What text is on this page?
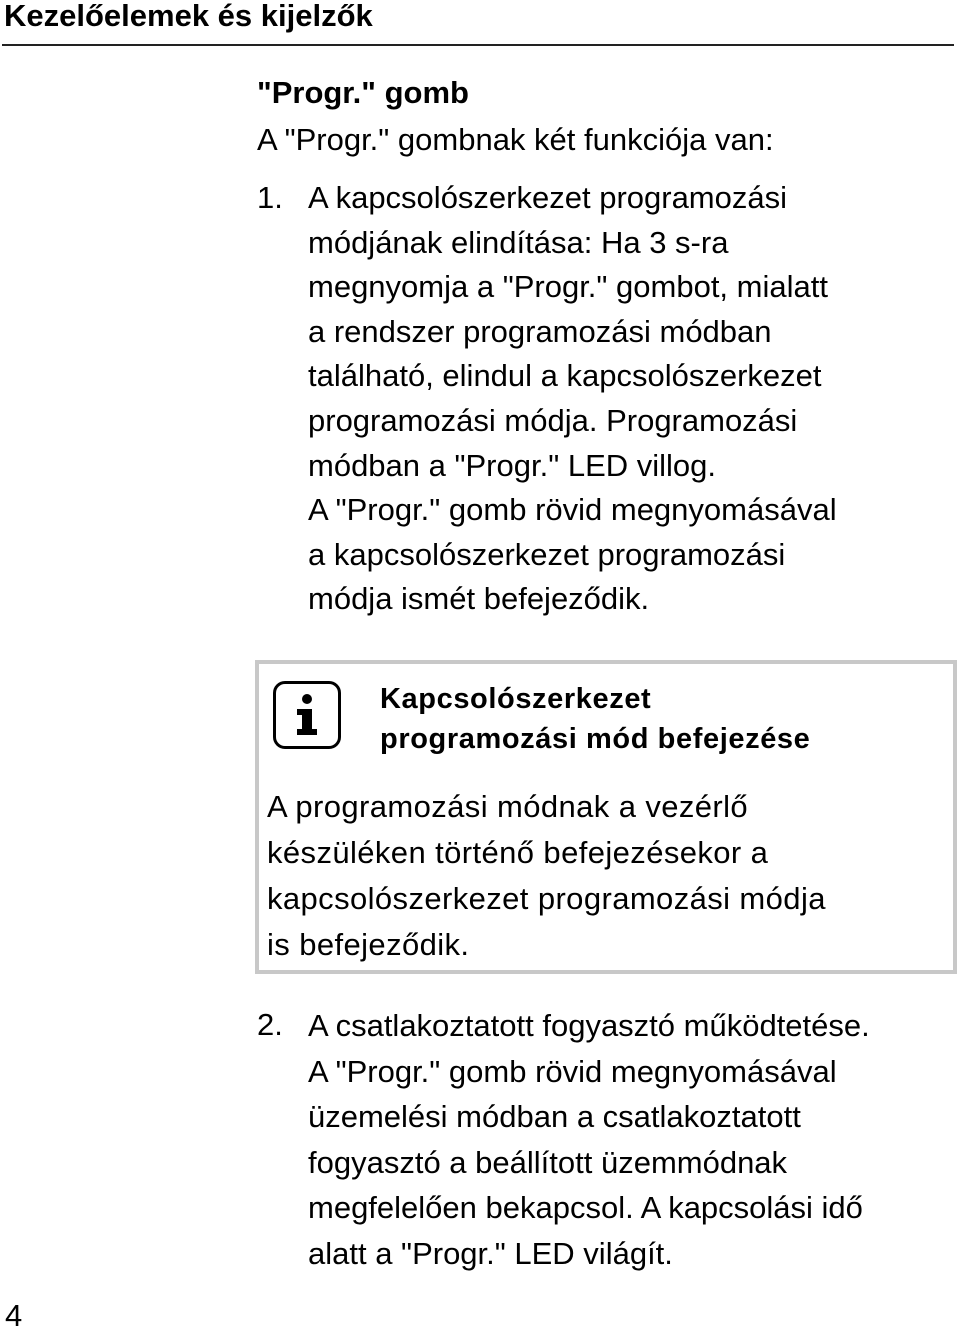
Kezelőelemek és kijelzők
"Progr." gomb
A "Progr." gombnak két funkciója van:
1. A kapcsolószerkezet programozási
módjának elindítása: Ha 3 s-ra
megnyomja a "Progr." gombot, mialatt
a rendszer programozási módban
található, elindul a kapcsolószerkezet
programozási módja. Programozási
módban a "Progr." LED villog.
A "Progr." gomb rövid megnyomásával
a kapcsolószerkezet programozási
módja ismét befejeződik.
Kapcsolószerkezet
programozási mód befejezése
A programozási módnak a vezérlő
készüléken történő befejezésekor a
kapcsolószerkezet programozási módja
is befejeződik.
2. A csatlakoztatott fogyasztó működtetése.
A "Progr." gomb rövid megnyomásával
üzemelési módban a csatlakoztatott
fogyasztó a beállított üzemmódnak
megfelelően bekapcsol. A kapcsolási idő
alatt a "Progr." LED világít.
4
